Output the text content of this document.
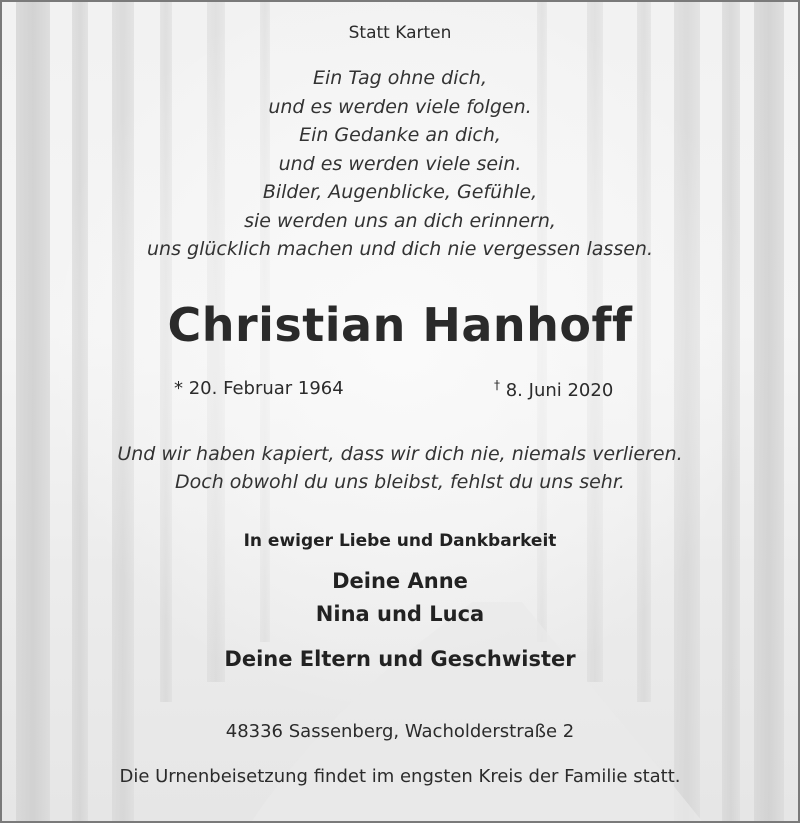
Statt Karten
Ein Tag ohne dich,
und es werden viele folgen.
Ein Gedanke an dich,
und es werden viele sein.
Bilder, Augenblicke, Gefühle,
sie werden uns an dich erinnern,
uns glücklich machen und dich nie vergessen lassen.
Christian Hanhoff
* 20. Februar 1964	† 8. Juni 2020
Und wir haben kapiert, dass wir dich nie, niemals verlieren.
Doch obwohl du uns bleibst, fehlst du uns sehr.
In ewiger Liebe und Dankbarkeit
Deine Anne
Nina und Luca
Deine Eltern und Geschwister
48336 Sassenberg, Wacholderstraße 2
Die Urnenbeisetzung findet im engsten Kreis der Familie statt.
